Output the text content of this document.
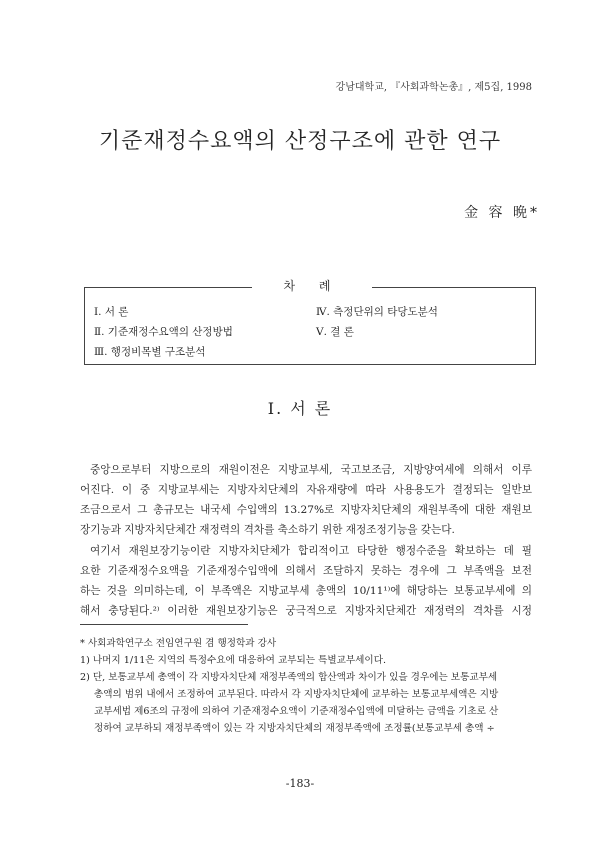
강남대학교, 『사회과학논총』, 제5집, 1998
기준재정수요액의 산정구조에 관한 연구
金 容 晩*
차 례
Ⅰ. 서 론
Ⅱ. 기준재정수요액의 산정방법
Ⅲ. 행정비목별 구조분석
Ⅳ. 측정단위의 타당도분석
Ⅴ. 결 론
Ⅰ. 서 론
중앙으로부터 지방으로의 재원이전은 지방교부세, 국고보조금, 지방양여세에 의해서 이루
어진다. 이 중 지방교부세는 지방자치단체의 자유재량에 따라 사용용도가 결정되는 일반보
조금으로서 그 총규모는 내국세 수입액의 13.27%로 지방자치단체의 재원부족에 대한 재원보
장기능과 지방자치단체간 재정력의 격차를 축소하기 위한 재정조정기능을 갖는다.
여기서 재원보장기능이란 지방자치단체가 합리적이고 타당한 행정수준을 확보하는 데 필
요한 기준재정수요액을 기준재정수입액에 의해서 조달하지 못하는 경우에 그 부족액을 보전
하는 것을 의미하는데, 이 부족액은 지방교부세 총액의 10/11¹⁾에 해당하는 보통교부세에 의
해서 충당된다.²⁾ 이러한 재원보장기능은 궁극적으로 지방자치단체간 재정력의 격차를 시정
* 사회과학연구소 전임연구원 겸 행정학과 강사
1) 나머지 1/11은 지역의 특정수요에 대응하여 교부되는 특별교부세이다.
2) 단, 보통교부세 총액이 각 지방자치단체 재정부족액의 합산액과 차이가 있을 경우에는 보통교부세
총액의 범위 내에서 조정하여 교부된다. 따라서 각 지방자치단체에 교부하는 보통교부세액은 지방
교부세법 제6조의 규정에 의하여 기준재정수요액이 기준재정수입액에 미달하는 금액을 기초로 산
정하여 교부하되 재정부족액이 있는 각 지방자치단체의 재정부족액에 조정률(보통교부세 총액 ÷
-183-
